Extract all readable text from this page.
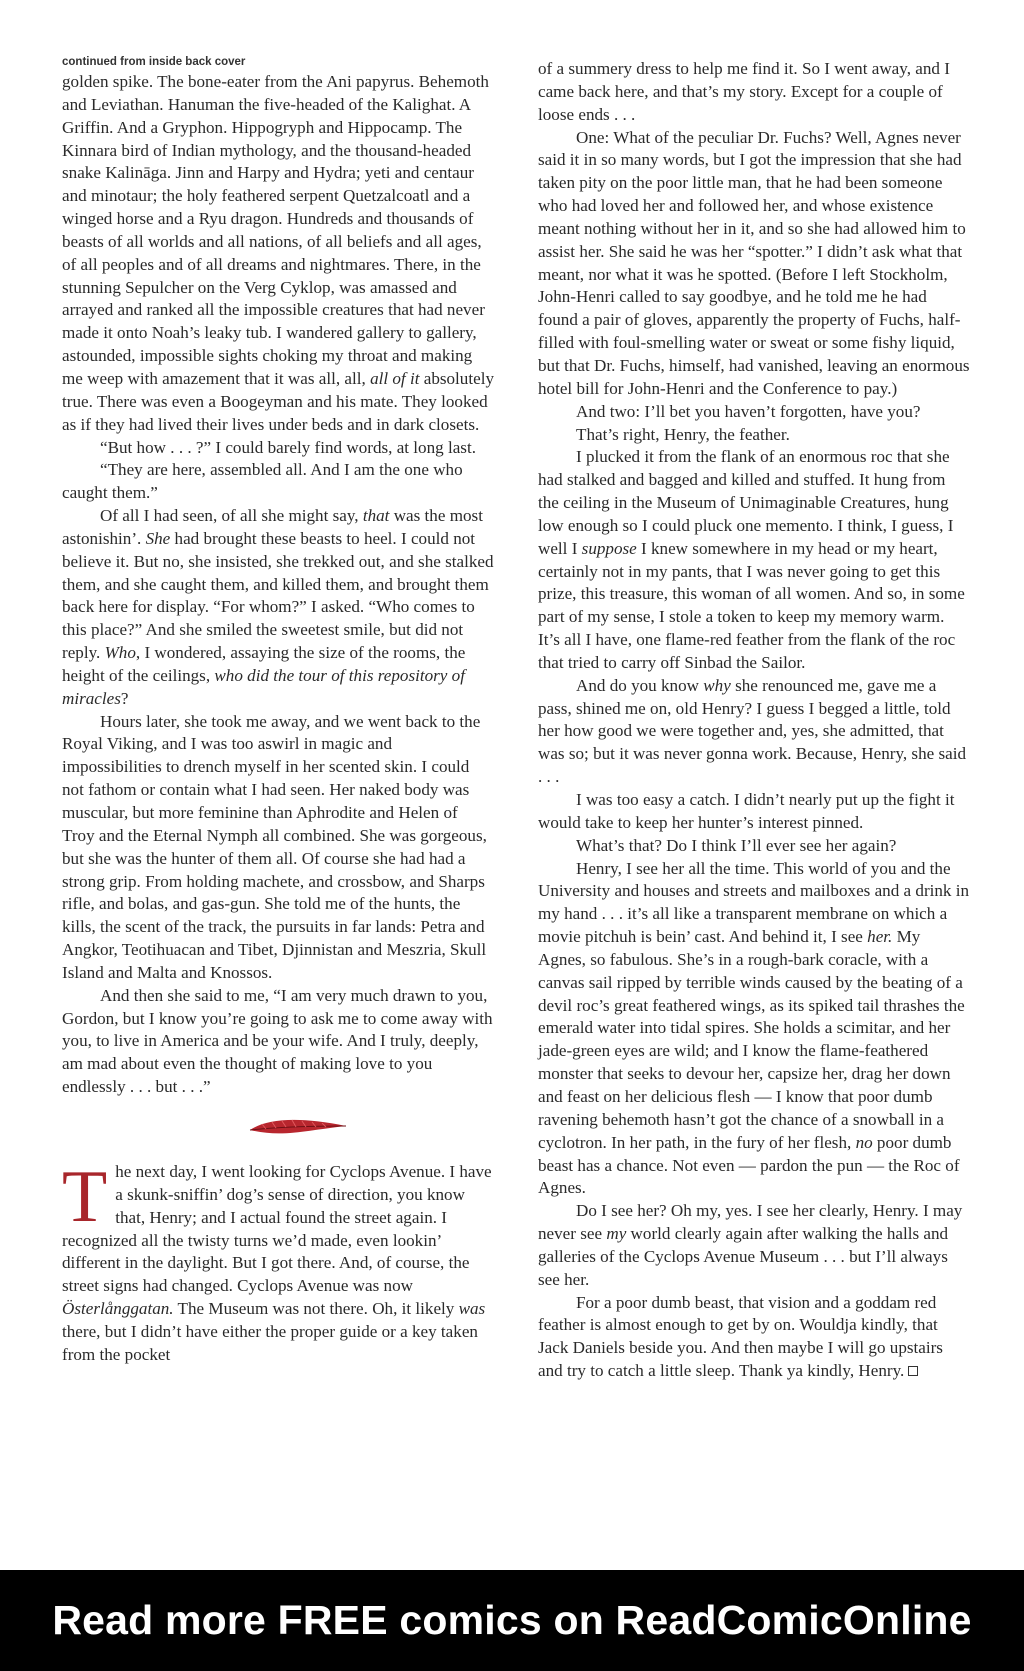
continued from inside back cover

golden spike. The bone-eater from the Ani papyrus. Behemoth and Leviathan. Hanuman the five-headed of the Kalighat. A Griffin. And a Gryphon. Hippogryph and Hippocamp. The Kinnara bird of Indian mythology, and the thousand-headed snake Kalināga. Jinn and Harpy and Hydra; yeti and centaur and minotaur; the holy feathered serpent Quetzalcoatl and a winged horse and a Ryu dragon. Hundreds and thousands of beasts of all worlds and all nations, of all beliefs and all ages, of all peoples and of all dreams and nightmares. There, in the stunning Sepulcher on the Verg Cyklop, was amassed and arrayed and ranked all the impossible creatures that had never made it onto Noah’s leaky tub. I wandered gallery to gallery, astounded, impossible sights choking my throat and making me weep with amazement that it was all, all, all of it absolutely true. There was even a Boogeyman and his mate. They looked as if they had lived their lives under beds and in dark closets.

“But how . . . ?” I could barely find words, at long last.

“They are here, assembled all. And I am the one who caught them.”

Of all I had seen, of all she might say, that was the most astonishin’. She had brought these beasts to heel. I could not believe it. But no, she insisted, she trekked out, and she stalked them, and she caught them, and killed them, and brought them back here for display. “For whom?” I asked. “Who comes to this place?” And she smiled the sweetest smile, but did not reply. Who, I wondered, assaying the size of the rooms, the height of the ceilings, who did the tour of this repository of miracles?

Hours later, she took me away, and we went back to the Royal Viking, and I was too aswirl in magic and impossibilities to drench myself in her scented skin. I could not fathom or contain what I had seen. Her naked body was muscular, but more feminine than Aphrodite and Helen of Troy and the Eternal Nymph all combined. She was gorgeous, but she was the hunter of them all. Of course she had had a strong grip. From holding machete, and crossbow, and Sharps rifle, and bolas, and gas-gun. She told me of the hunts, the kills, the scent of the track, the pursuits in far lands: Petra and Angkor, Teotihuacan and Tibet, Djinnistan and Meszria, Skull Island and Malta and Knossos.

And then she said to me, “I am very much drawn to you, Gordon, but I know you’re going to ask me to come away with you, to live in America and be your wife. And I truly, deeply, am mad about even the thought of making love to you endlessly . . . but . . .”

The next day, I went looking for Cyclops Avenue. I have a skunk-sniffin’ dog’s sense of direction, you know that, Henry; and I actual found the street again. I recognized all the twisty turns we’d made, even lookin’ different in the daylight. But I got there. And, of course, the street signs had changed. Cyclops Avenue was now Österlånggatan. The Museum was not there. Oh, it likely was there, but I didn’t have either the proper guide or a key taken from the pocket

of a summery dress to help me find it. So I went away, and I came back here, and that’s my story. Except for a couple of loose ends . . .

One: What of the peculiar Dr. Fuchs? Well, Agnes never said it in so many words, but I got the impression that she had taken pity on the poor little man, that he had been someone who had loved her and followed her, and whose existence meant nothing without her in it, and so she had allowed him to assist her. She said he was her “spotter.” I didn’t ask what that meant, nor what it was he spotted. (Before I left Stockholm, John-Henri called to say goodbye, and he told me he had found a pair of gloves, apparently the property of Fuchs, half-filled with foul-smelling water or sweat or some fishy liquid, but that Dr. Fuchs, himself, had vanished, leaving an enormous hotel bill for John-Henri and the Conference to pay.)

And two: I’ll bet you haven’t forgotten, have you?

That’s right, Henry, the feather.

I plucked it from the flank of an enormous roc that she had stalked and bagged and killed and stuffed. It hung from the ceiling in the Museum of Unimaginable Creatures, hung low enough so I could pluck one memento. I think, I guess, I well I suppose I knew somewhere in my head or my heart, certainly not in my pants, that I was never going to get this prize, this treasure, this woman of all women. And so, in some part of my sense, I stole a token to keep my memory warm. It’s all I have, one flame-red feather from the flank of the roc that tried to carry off Sinbad the Sailor.

And do you know why she renounced me, gave me a pass, shined me on, old Henry? I guess I begged a little, told her how good we were together and, yes, she admitted, that was so; but it was never gonna work. Because, Henry, she said . . .

I was too easy a catch. I didn’t nearly put up the fight it would take to keep her hunter’s interest pinned.

What’s that? Do I think I’ll ever see her again?

Henry, I see her all the time. This world of you and the University and houses and streets and mailboxes and a drink in my hand . . . it’s all like a transparent membrane on which a movie pitchuh is bein’ cast. And behind it, I see her. My Agnes, so fabulous. She’s in a rough-bark coracle, with a canvas sail ripped by terrible winds caused by the beating of a devil roc’s great feathered wings, as its spiked tail thrashes the emerald water into tidal spires. She holds a scimitar, and her jade-green eyes are wild; and I know the flame-feathered monster that seeks to devour her, capsize her, drag her down and feast on her delicious flesh — I know that poor dumb ravening behemoth hasn’t got the chance of a snowball in a cyclotron. In her path, in the fury of her flesh, no poor dumb beast has a chance. Not even — pardon the pun — the Roc of Agnes.

Do I see her? Oh my, yes. I see her clearly, Henry. I may never see my world clearly again after walking the halls and galleries of the Cyclops Avenue Museum . . . but I’ll always see her.

For a poor dumb beast, that vision and a goddam red feather is almost enough to get by on. Wouldja kindly, that Jack Daniels beside you. And then maybe I will go upstairs and try to catch a little sleep. Thank ya kindly, Henry.

Read more FREE comics on ReadComicOnline
